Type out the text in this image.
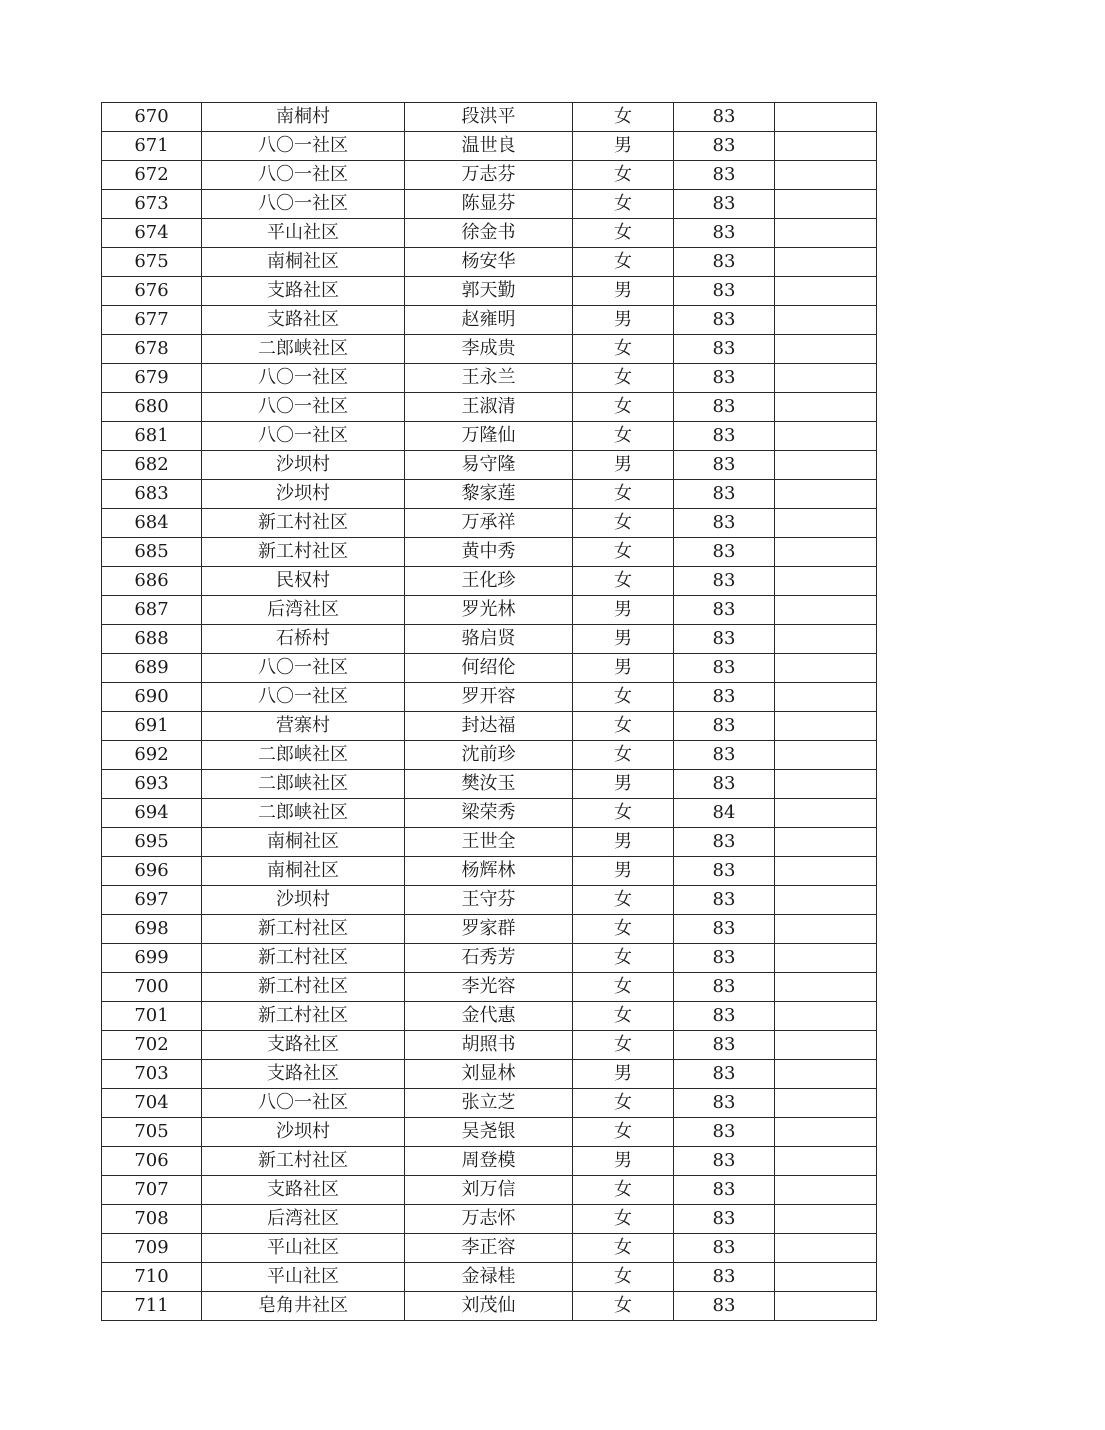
670	南桐村	段洪平	女	83	
671	八〇一社区	温世良	男	83	
672	八〇一社区	万志芬	女	83	
673	八〇一社区	陈显芬	女	83	
674	平山社区	徐金书	女	83	
675	南桐社区	杨安华	女	83	
676	支路社区	郭天勤	男	83	
677	支路社区	赵雍明	男	83	
678	二郎峡社区	李成贵	女	83	
679	八〇一社区	王永兰	女	83	
680	八〇一社区	王淑清	女	83	
681	八〇一社区	万隆仙	女	83	
682	沙坝村	易守隆	男	83	
683	沙坝村	黎家莲	女	83	
684	新工村社区	万承祥	女	83	
685	新工村社区	黄中秀	女	83	
686	民权村	王化珍	女	83	
687	后湾社区	罗光林	男	83	
688	石桥村	骆启贤	男	83	
689	八〇一社区	何绍伦	男	83	
690	八〇一社区	罗开容	女	83	
691	营寨村	封达福	女	83	
692	二郎峡社区	沈前珍	女	83	
693	二郎峡社区	樊汝玉	男	83	
694	二郎峡社区	梁荣秀	女	84	
695	南桐社区	王世全	男	83	
696	南桐社区	杨辉林	男	83	
697	沙坝村	王守芬	女	83	
698	新工村社区	罗家群	女	83	
699	新工村社区	石秀芳	女	83	
700	新工村社区	李光容	女	83	
701	新工村社区	金代惠	女	83	
702	支路社区	胡照书	女	83	
703	支路社区	刘显林	男	83	
704	八〇一社区	张立芝	女	83	
705	沙坝村	吴尧银	女	83	
706	新工村社区	周登模	男	83	
707	支路社区	刘万信	女	83	
708	后湾社区	万志怀	女	83	
709	平山社区	李正容	女	83	
710	平山社区	金禄桂	女	83	
711	皂角井社区	刘茂仙	女	83	
